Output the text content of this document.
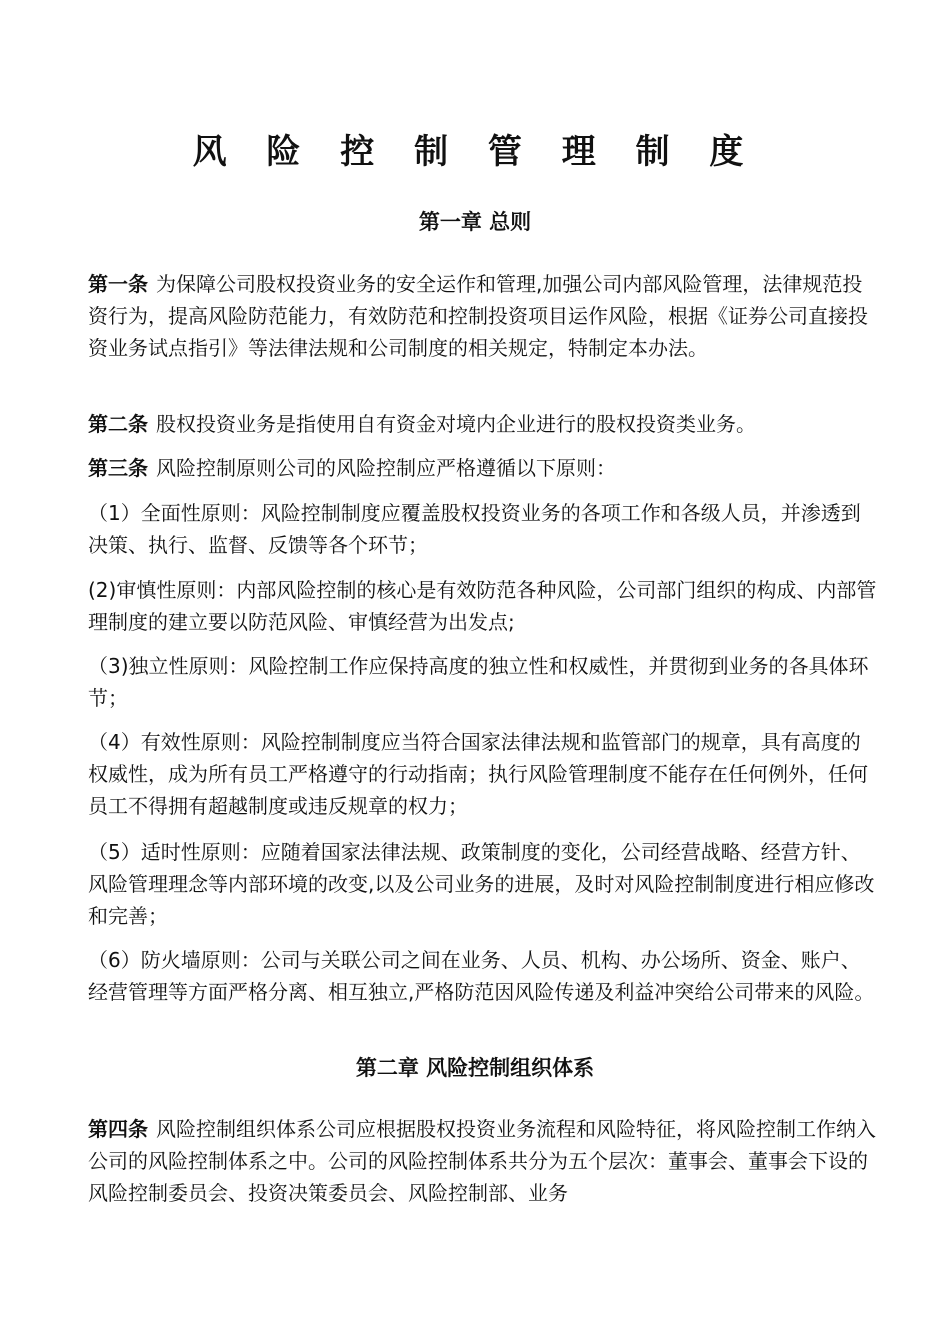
风 险 控 制 管 理 制 度
第一章 总则

第一条 为保障公司股权投资业务的安全运作和管理,加强公司内部风险管理，法律规范投资行为，提高风险防范能力，有效防范和控制投资项目运作风险，根据《证券公司直接投资业务试点指引》等法律法规和公司制度的相关规定，特制定本办法。

第二条 股权投资业务是指使用自有资金对境内企业进行的股权投资类业务。

第三条 风险控制原则公司的风险控制应严格遵循以下原则：

（1）全面性原则：风险控制制度应覆盖股权投资业务的各项工作和各级人员，并渗透到决策、执行、监督、反馈等各个环节；

(2)审慎性原则：内部风险控制的核心是有效防范各种风险，公司部门组织的构成、内部管理制度的建立要以防范风险、审慎经营为出发点;

（3)独立性原则：风险控制工作应保持高度的独立性和权威性，并贯彻到业务的各具体环节；

（4）有效性原则：风险控制制度应当符合国家法律法规和监管部门的规章，具有高度的权威性，成为所有员工严格遵守的行动指南；执行风险管理制度不能存在任何例外，任何员工不得拥有超越制度或违反规章的权力；

（5）适时性原则：应随着国家法律法规、政策制度的变化，公司经营战略、经营方针、风险管理理念等内部环境的改变,以及公司业务的进展，及时对风险控制制度进行相应修改和完善；

（6）防火墙原则：公司与关联公司之间在业务、人员、机构、办公场所、资金、账户、经营管理等方面严格分离、相互独立,严格防范因风险传递及利益冲突给公司带来的风险。

第二章 风险控制组织体系

第四条 风险控制组织体系公司应根据股权投资业务流程和风险特征，将风险控制工作纳入公司的风险控制体系之中。公司的风险控制体系共分为五个层次：董事会、董事会下设的风险控制委员会、投资决策委员会、风险控制部、业务
